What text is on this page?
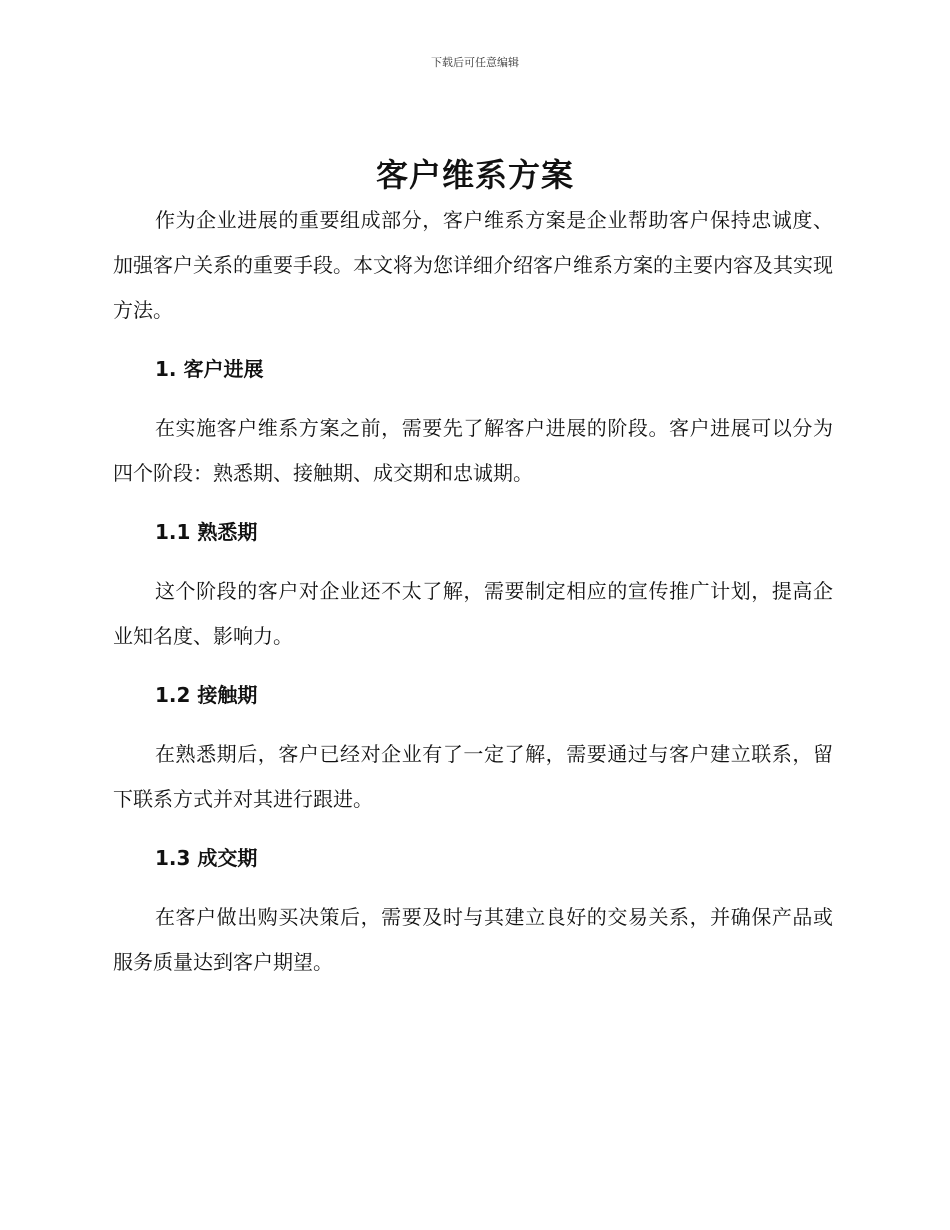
下载后可任意编辑
客户维系方案

作为企业进展的重要组成部分，客户维系方案是企业帮助客户保持忠诚度、加强客户关系的重要手段。本文将为您详细介绍客户维系方案的主要内容及其实现方法。

1. 客户进展

在实施客户维系方案之前，需要先了解客户进展的阶段。客户进展可以分为四个阶段：熟悉期、接触期、成交期和忠诚期。

1.1 熟悉期

这个阶段的客户对企业还不太了解，需要制定相应的宣传推广计划，提高企业知名度、影响力。

1.2 接触期

在熟悉期后，客户已经对企业有了一定了解，需要通过与客户建立联系，留下联系方式并对其进行跟进。

1.3 成交期

在客户做出购买决策后，需要及时与其建立良好的交易关系，并确保产品或服务质量达到客户期望。
